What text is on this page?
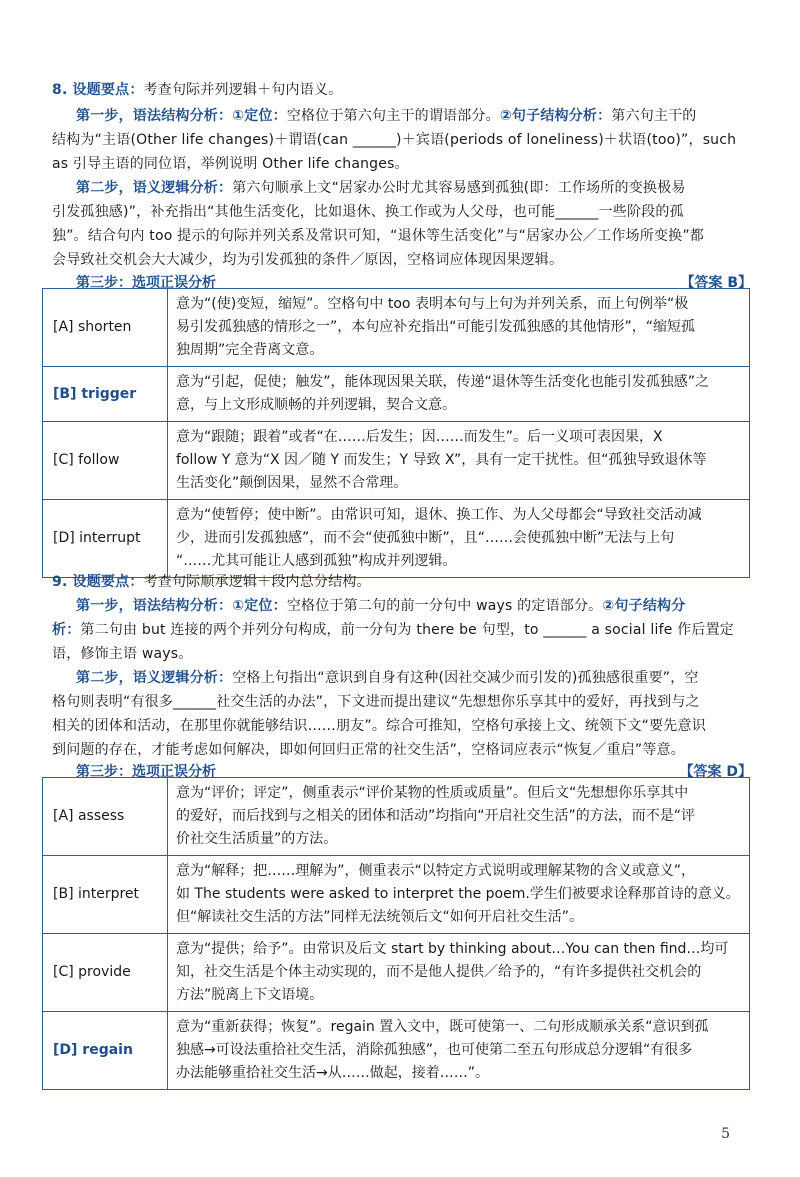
8. 设题要点：考查句际并列逻辑＋句内语义。
第一步，语法结构分析：①定位：空格位于第六句主干的谓语部分。②句子结构分析：第六句主干的
结构为“主语(Other life changes)＋谓语(can ______)＋宾语(periods of loneliness)＋状语(too)”，such
as 引导主语的同位语，举例说明 Other life changes。
第二步，语义逻辑分析：第六句顺承上文“居家办公时尤其容易感到孤独(即：工作场所的变换极易
引发孤独感)”，补充指出“其他生活变化，比如退休、换工作或为人父母，也可能______一些阶段的孤
独”。结合句内 too 提示的句际并列关系及常识可知，“退休等生活变化”与“居家办公／工作场所变换”都
会导致社交机会大大减少，均为引发孤独的条件／原因，空格词应体现因果逻辑。
第三步：选项正误分析	【答案 B】
[A] shorten	意为“(使)变短，缩短”。空格句中 too 表明本句与上句为并列关系，而上句例举“极
易引发孤独感的情形之一”，本句应补充指出“可能引发孤独感的其他情形”，“缩短孤
独周期”完全背离文意。
[B] trigger	意为“引起，促使；触发”，能体现因果关联，传递“退休等生活变化也能引发孤独感”之
意，与上文形成顺畅的并列逻辑，契合文意。
[C] follow	意为“跟随；跟着”或者“在……后发生；因……而发生”。后一义项可表因果，X
follow Y 意为“X 因／随 Y 而发生；Y 导致 X”，具有一定干扰性。但“孤独导致退休等
生活变化”颠倒因果，显然不合常理。
[D] interrupt	意为“使暂停；使中断”。由常识可知，退休、换工作、为人父母都会“导致社交活动减
少，进而引发孤独感”，而不会“使孤独中断”，且“……会使孤独中断”无法与上句
“……尤其可能让人感到孤独”构成并列逻辑。
9. 设题要点：考查句际顺承逻辑＋段内总分结构。
第一步，语法结构分析：①定位：空格位于第二句的前一分句中 ways 的定语部分。②句子结构分
析：第二句由 but 连接的两个并列分句构成，前一分句为 there be 句型，to ______ a social life 作后置定
语，修饰主语 ways。
第二步，语义逻辑分析：空格上句指出“意识到自身有这种(因社交减少而引发的)孤独感很重要”，空
格句则表明“有很多______社交生活的办法”，下文进而提出建议“先想想你乐享其中的爱好，再找到与之
相关的团体和活动，在那里你就能够结识……朋友”。综合可推知，空格句承接上文、统领下文“要先意识
到问题的存在，才能考虑如何解决，即如何回归正常的社交生活”，空格词应表示“恢复／重启”等意。
第三步：选项正误分析	【答案 D】
[A] assess	意为“评价；评定”，侧重表示“评价某物的性质或质量”。但后文“先想想你乐享其中
的爱好，而后找到与之相关的团体和活动”均指向“开启社交生活”的方法，而不是“评
价社交生活质量”的方法。
[B] interpret	意为“解释；把……理解为”，侧重表示“以特定方式说明或理解某物的含义或意义”，
如 The students were asked to interpret the poem.学生们被要求诠释那首诗的意义。
但“解读社交生活的方法”同样无法统领后文“如何开启社交生活”。
[C] provide	意为“提供；给予”。由常识及后文 start by thinking about…You can then find…均可
知，社交生活是个体主动实现的，而不是他人提供／给予的，“有许多提供社交机会的
方法”脱离上下文语境。
[D] regain	意为“重新获得；恢复”。regain 置入文中，既可使第一、二句形成顺承关系“意识到孤
独感→可设法重拾社交生活，消除孤独感”，也可使第二至五句形成总分逻辑“有很多
办法能够重拾社交生活→从……做起，接着……”。
5
